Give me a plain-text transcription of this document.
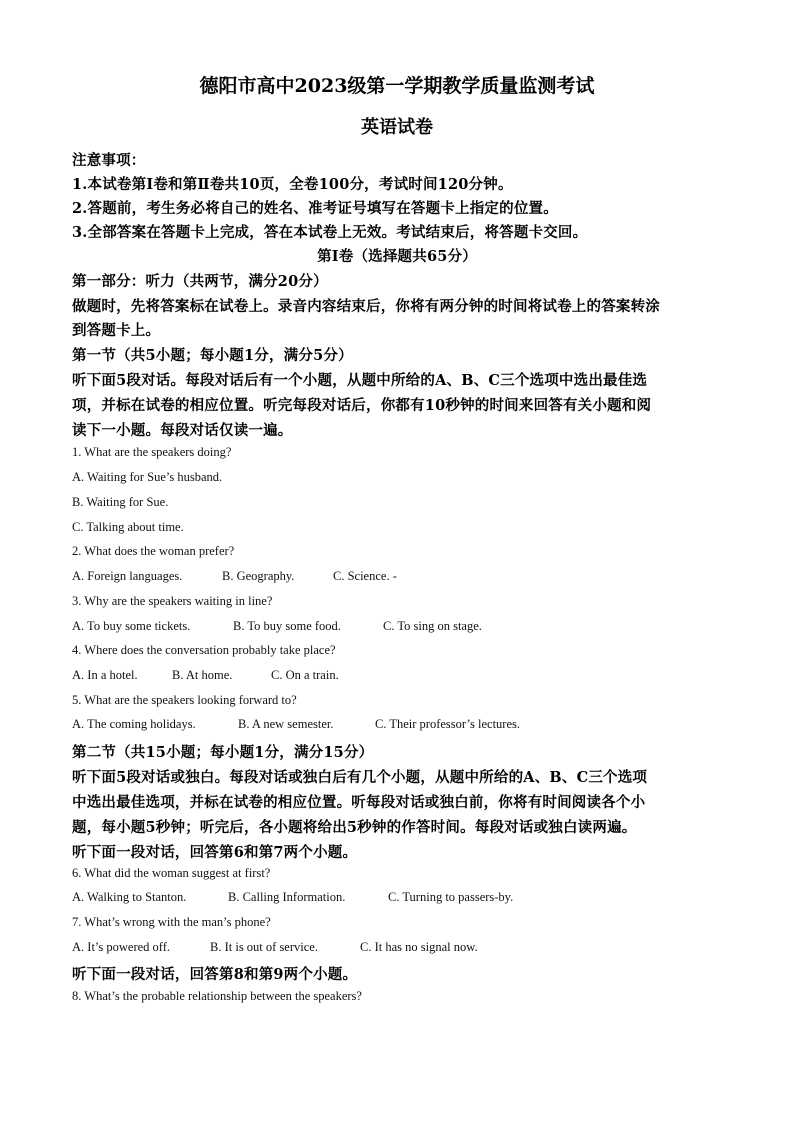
德阳市高中2023级第一学期教学质量监测考试
英语试卷
注意事项：
1.本试卷第Ⅰ卷和第Ⅱ卷共10页，全卷100分，考试时间120分钟。
2.答题前，考生务必将自己的姓名、准考证号填写在答题卡上指定的位置。
3.全部答案在答题卡上完成，答在本试卷上无效。考试结束后，将答题卡交回。
第Ⅰ卷（选择题共65分）
第一部分：听力（共两节，满分20分）
做题时，先将答案标在试卷上。录音内容结束后，你将有两分钟的时间将试卷上的答案转涂
到答题卡上。
第一节（共5小题；每小题1分，满分5分）
听下面5段对话。每段对话后有一个小题，从题中所给的A、B、C三个选项中选出最佳选
项，并标在试卷的相应位置。听完每段对话后，你都有10秒钟的时间来回答有关小题和阅
读下一小题。每段对话仅读一遍。
1. What are the speakers doing?
A. Waiting for Sue’s husband.
B. Waiting for Sue.
C. Talking about time.
2. What does the woman prefer?
A. Foreign languages.	B. Geography.	C. Science. -
3. Why are the speakers waiting in line?
A. To buy some tickets.	B. To buy some food.	C. To sing on stage.
4. Where does the conversation probably take place?
A. In a hotel.	B. At home.	C. On a train.
5. What are the speakers looking forward to?
A. The coming holidays.	B. A new semester.	C. Their professor’s lectures.
第二节（共15小题；每小题1分，满分15分）
听下面5段对话或独白。每段对话或独白后有几个小题，从题中所给的A、B、C三个选项
中选出最佳选项，并标在试卷的相应位置。听每段对话或独白前，你将有时间阅读各个小
题，每小题5秒钟；听完后，各小题将给出5秒钟的作答时间。每段对话或独白读两遍。
听下面一段对话，回答第6和第7两个小题。
6. What did the woman suggest at first?
A. Walking to Stanton.	B. Calling Information.	C. Turning to passers-by.
7. What’s wrong with the man’s phone?
A. It’s powered off.	B. It is out of service.	C. It has no signal now.
听下面一段对话，回答第8和第9两个小题。
8. What’s the probable relationship between the speakers?
